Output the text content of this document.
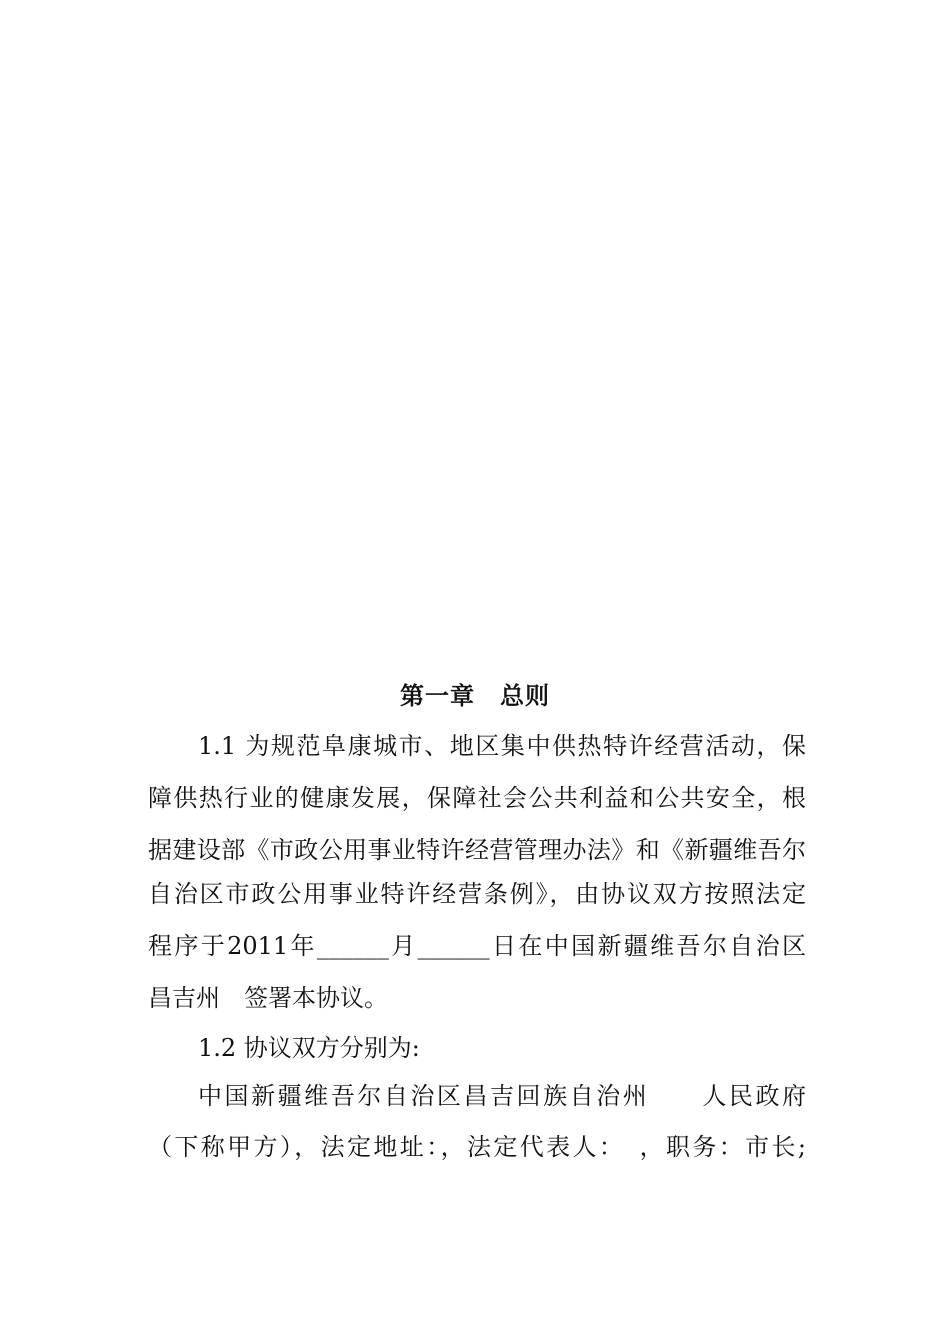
第一章　总则
1.1 为规范阜康城市、地区集中供热特许经营活动，保
障供热行业的健康发展，保障社会公共利益和公共安全，根
据建设部《市政公用事业特许经营管理办法》和《新疆维吾尔
自治区市政公用事业特许经营条例》，由协议双方按照法定
程序于2011年______月______日在中国新疆维吾尔自治区
昌吉州　签署本协议。
1.2 协议双方分别为:
中国新疆维吾尔自治区昌吉回族自治州　　人民政府
（下称甲方），法定地址：，法定代表人：　，职务：市长;
